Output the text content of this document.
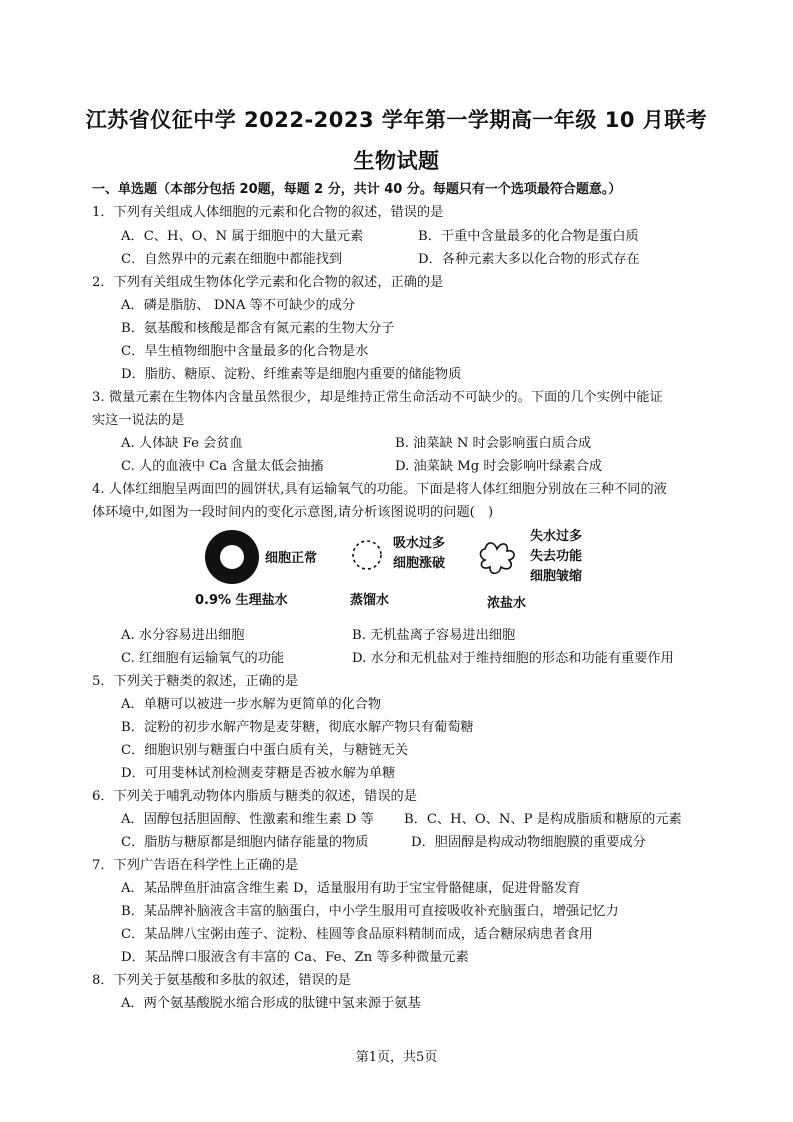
江苏省仪征中学 2022-2023 学年第一学期高一年级 10 月联考
生物试题
一、单选题（本部分包括 20题，每题 2 分，共计 40 分。每题只有一个选项最符合题意。）
1．下列有关组成人体细胞的元素和化合物的叙述，错误的是
A．C、H、O、N 属于细胞中的大量元素	B．干重中含量最多的化合物是蛋白质
C．自然界中的元素在细胞中都能找到	D．各种元素大多以化合物的形式存在
2．下列有关组成生物体化学元素和化合物的叙述，正确的是
A．磷是脂肪、 DNA 等不可缺少的成分
B．氨基酸和核酸是都含有氮元素的生物大分子
C．旱生植物细胞中含量最多的化合物是水
D．脂肪、糖原、淀粉、纤维素等是细胞内重要的储能物质
3. 微量元素在生物体内含量虽然很少，却是维持正常生命活动不可缺少的。下面的几个实例中能证
实这一说法的是
A. 人体缺 Fe 会贫血	B. 油菜缺 N 时会影响蛋白质合成
C. 人的血液中 Ca 含量太低会抽搐	D. 油菜缺 Mg 时会影响叶绿素合成
4. 人体红细胞呈两面凹的圆饼状,具有运输氧气的功能。下面是将人体红细胞分别放在三种不同的液
体环境中,如图为一段时间内的变化示意图,请分析该图说明的问题(　)
细胞正常
0.9% 生理盐水
吸水过多
细胞涨破
蒸馏水
失水过多
失去功能
细胞皱缩
浓盐水
A. 水分容易进出细胞	B. 无机盐离子容易进出细胞
C. 红细胞有运输氧气的功能	D. 水分和无机盐对于维持细胞的形态和功能有重要作用
5．下列关于糖类的叙述，正确的是
A．单糖可以被进一步水解为更简单的化合物
B．淀粉的初步水解产物是麦芽糖，彻底水解产物只有葡萄糖
C．细胞识别与糖蛋白中蛋白质有关，与糖链无关
D．可用斐林试剂检测麦芽糖是否被水解为单糖
6．下列关于哺乳动物体内脂质与糖类的叙述，错误的是
A．固醇包括胆固醇、性激素和维生素 D 等 B．C、H、O、N、P 是构成脂质和糖原的元素
C．脂肪与糖原都是细胞内储存能量的物质	D．胆固醇是构成动物细胞膜的重要成分
7．下列广告语在科学性上正确的是
A．某品牌鱼肝油富含维生素 D，适量服用有助于宝宝骨骼健康，促进骨骼发育
B．某品牌补脑液含丰富的脑蛋白，中小学生服用可直接吸收补充脑蛋白，增强记忆力
C．某品牌八宝粥由莲子、淀粉、桂圆等食品原料精制而成，适合糖尿病患者食用
D．某品牌口服液含有丰富的 Ca、Fe、Zn 等多种微量元素
8．下列关于氨基酸和多肽的叙述，错误的是
A．两个氨基酸脱水缩合形成的肽键中氢来源于氨基
第1页，共5页
